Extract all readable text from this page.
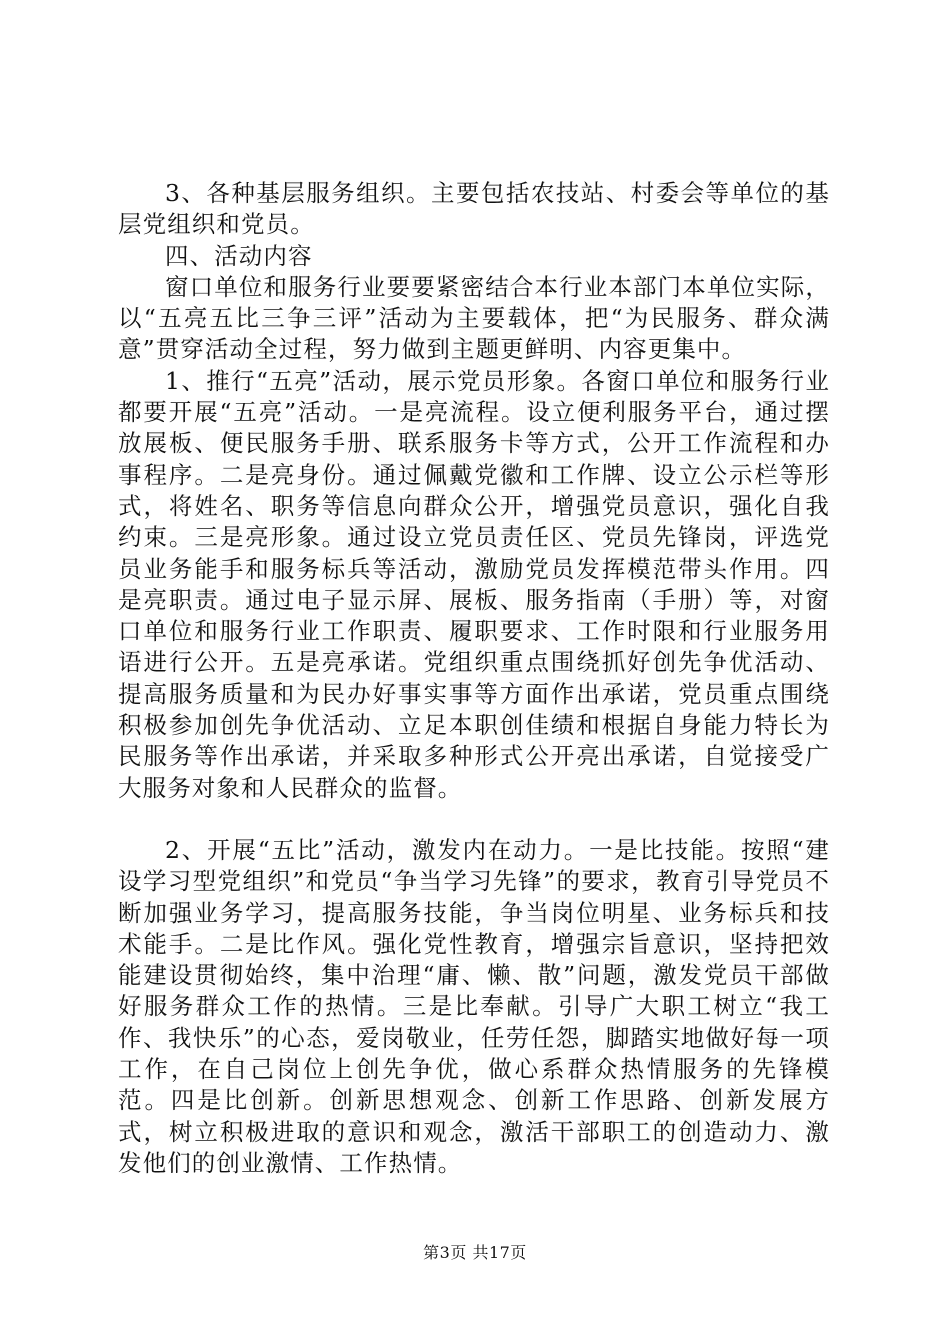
3、各种基层服务组织。主要包括农技站、村委会等单位的基层党组织和党员。

四、活动内容

窗口单位和服务行业要要紧密结合本行业本部门本单位实际，以“五亮五比三争三评”活动为主要载体，把“为民服务、群众满意”贯穿活动全过程，努力做到主题更鲜明、内容更集中。

1、推行“五亮”活动，展示党员形象。各窗口单位和服务行业都要开展“五亮”活动。一是亮流程。设立便利服务平台，通过摆放展板、便民服务手册、联系服务卡等方式，公开工作流程和办事程序。二是亮身份。通过佩戴党徽和工作牌、设立公示栏等形式，将姓名、职务等信息向群众公开，增强党员意识，强化自我约束。三是亮形象。通过设立党员责任区、党员先锋岗，评选党员业务能手和服务标兵等活动，激励党员发挥模范带头作用。四是亮职责。通过电子显示屏、展板、服务指南（手册）等，对窗口单位和服务行业工作职责、履职要求、工作时限和行业服务用语进行公开。五是亮承诺。党组织重点围绕抓好创先争优活动、提高服务质量和为民办好事实事等方面作出承诺，党员重点围绕积极参加创先争优活动、立足本职创佳绩和根据自身能力特长为民服务等作出承诺，并采取多种形式公开亮出承诺，自觉接受广大服务对象和人民群众的监督。

2、开展“五比”活动，激发内在动力。一是比技能。按照“建设学习型党组织”和党员“争当学习先锋”的要求，教育引导党员不断加强业务学习，提高服务技能，争当岗位明星、业务标兵和技术能手。二是比作风。强化党性教育，增强宗旨意识，坚持把效能建设贯彻始终，集中治理“庸、懒、散”问题，激发党员干部做好服务群众工作的热情。三是比奉献。引导广大职工树立“我工作、我快乐”的心态，爱岗敬业，任劳任怨，脚踏实地做好每一项工作，在自己岗位上创先争优，做心系群众热情服务的先锋模范。四是比创新。创新思想观念、创新工作思路、创新发展方式，树立积极进取的意识和观念，激活干部职工的创造动力、激发他们的创业激情、工作热情。

第3页 共17页
